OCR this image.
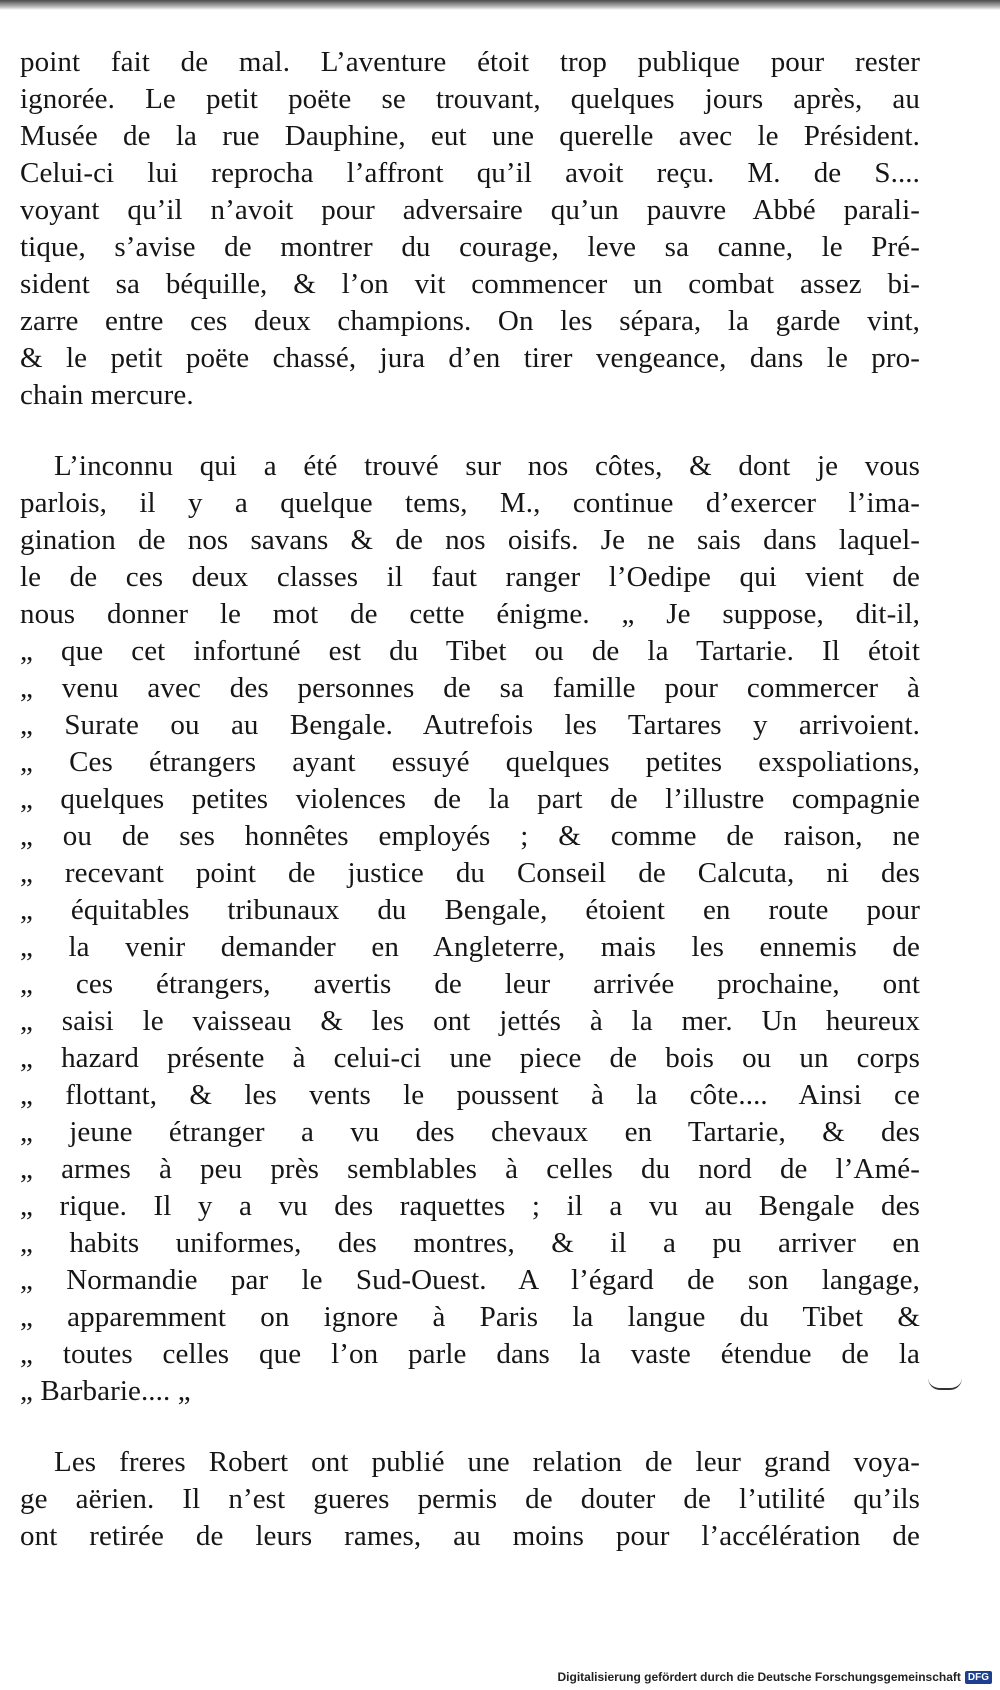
point fait de mal. L’aventure étoit trop publique pour rester
ignorée. Le petit poëte se trouvant, quelques jours après, au
Musée de la rue Dauphine, eut une querelle avec le Président.
Celui-ci lui reprocha l’affront qu’il avoit reçu. M. de S....
voyant qu’il n’avoit pour adversaire qu’un pauvre Abbé parali-
tique, s’avise de montrer du courage, leve sa canne, le Pré-
sident sa béquille, & l’on vit commencer un combat assez bi-
zarre entre ces deux champions. On les sépara, la garde vint,
& le petit poëte chassé, jura d’en tirer vengeance, dans le pro-
chain mercure.
L’inconnu qui a été trouvé sur nos côtes, & dont je vous
parlois, il y a quelque tems, M., continue d’exercer l’ima-
gination de nos savans & de nos oisifs. Je ne sais dans laquel-
le de ces deux classes il faut ranger l’Oedipe qui vient de
nous donner le mot de cette énigme. „ Je suppose, dit-il,
„ que cet infortuné est du Tibet ou de la Tartarie. Il étoit
„ venu avec des personnes de sa famille pour commercer à
„ Surate ou au Bengale. Autrefois les Tartares y arrivoient.
„ Ces étrangers ayant essuyé quelques petites exspoliations,
„ quelques petites violences de la part de l’illustre compagnie
„ ou de ses honnêtes employés ; & comme de raison, ne
„ recevant point de justice du Conseil de Calcuta, ni des
„ équitables tribunaux du Bengale, étoient en route pour
„ la venir demander en Angleterre, mais les ennemis de
„ ces étrangers, avertis de leur arrivée prochaine, ont
„ saisi le vaisseau & les ont jettés à la mer. Un heureux
„ hazard présente à celui-ci une piece de bois ou un corps
„ flottant, & les vents le poussent à la côte.... Ainsi ce
„ jeune étranger a vu des chevaux en Tartarie, & des
„ armes à peu près semblables à celles du nord de l’Amé-
„ rique. Il y a vu des raquettes ; il a vu au Bengale des
„ habits uniformes, des montres, & il a pu arriver en
„ Normandie par le Sud-Ouest. A l’égard de son langage,
„ apparemment on ignore à Paris la langue du Tibet &
„ toutes celles que l’on parle dans la vaste étendue de la
„ Barbarie.... „
Les freres Robert ont publié une relation de leur grand voya-
ge aërien. Il n’est gueres permis de douter de l’utilité qu’ils
ont retirée de leurs rames, au moins pour l’accélération de
Digitalisierung gefördert durch die Deutsche Forschungsgemeinschaft DFG
